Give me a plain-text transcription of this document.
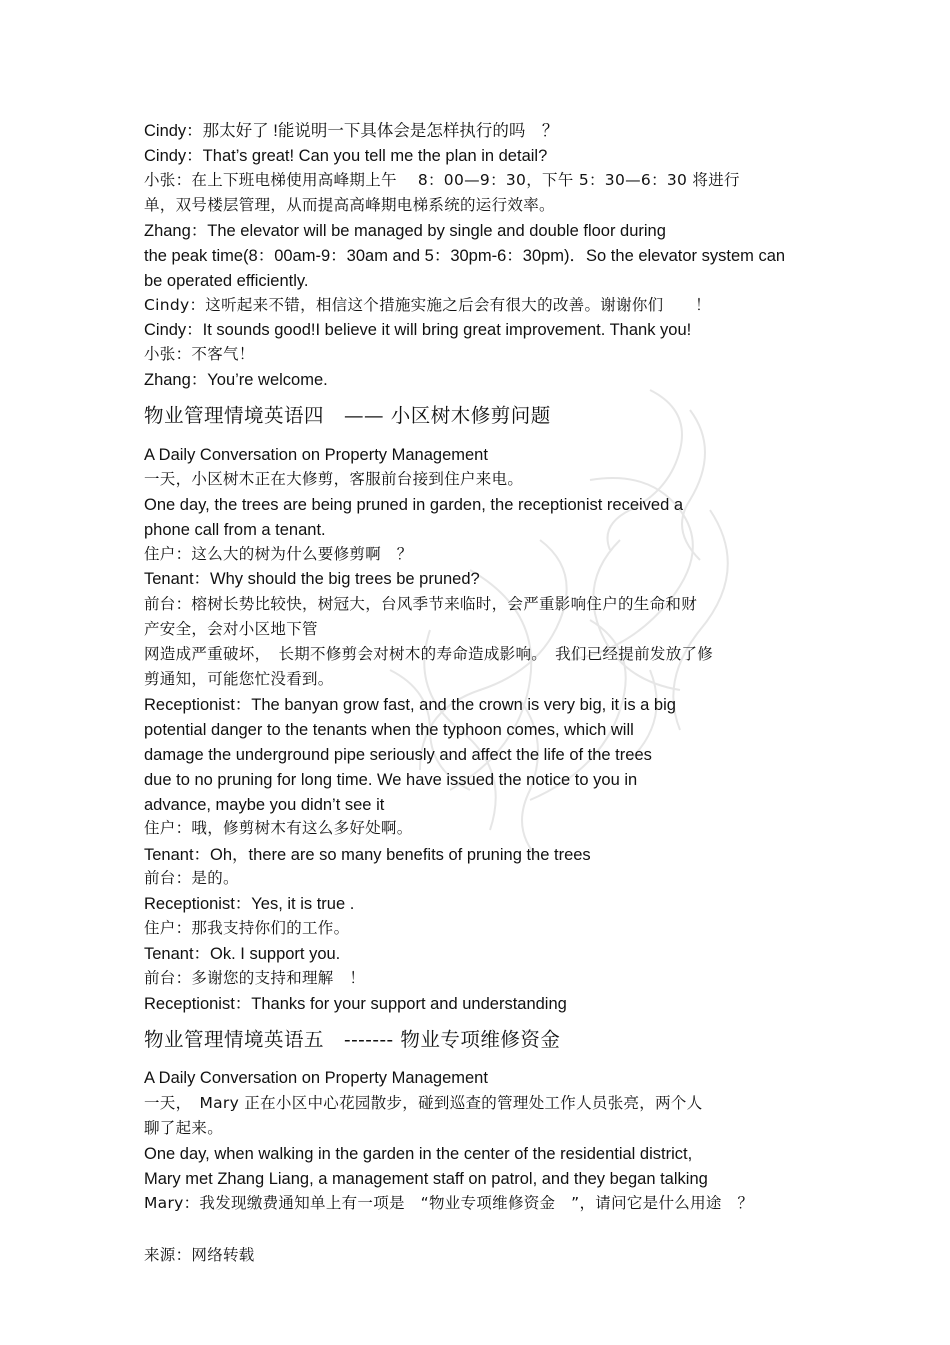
Cindy：那太好了 !能说明一下具体会是怎样执行的吗　？
Cindy：That’s great! Can you tell me the plan in detail?
小张：在上下班电梯使用高峰期上午　 8：00—9：30，下午 5：30—6：30 将进行
单，双号楼层管理，从而提高高峰期电梯系统的运行效率。
Zhang：The elevator will be managed by single and double floor during
the peak time(8：00am-9：30am and 5：30pm-6：30pm)．So the elevator system can
be operated efficiently.
Cindy：这听起来不错，相信这个措施实施之后会有很大的改善。谢谢你们　　！
Cindy：It sounds good!I believe it will bring great improvement. Thank you!
小张：不客气！
Zhang：You’re welcome.
物业管理情境英语四　—— 小区树木修剪问题
A Daily Conversation on Property Management
一天，小区树木正在大修剪，客服前台接到住户来电。
One day, the trees are being pruned in garden, the receptionist received a
phone call from a tenant.
住户：这么大的树为什么要修剪啊　？
Tenant：Why should the big trees be pruned?
前台：榕树长势比较快，树冠大，台风季节来临时，会严重影响住户的生命和财
产安全，会对小区地下管
网造成严重破坏，　长期不修剪会对树木的寿命造成影响。　我们已经提前发放了修
剪通知，可能您忙没看到。
Receptionist：The banyan grow fast, and the crown is very big, it is a big
potential danger to the tenants when the typhoon comes, which will
damage the underground pipe seriously and affect the life of the trees
due to no pruning for long time. We have issued the notice to you in
advance, maybe you didn’t see it
住户：哦，修剪树木有这么多好处啊。
Tenant：Oh，there are so many benefits of pruning the trees
前台：是的。
Receptionist：Yes, it is true .
住户：那我支持你们的工作。
Tenant：Ok. I support you.
前台：多谢您的支持和理解　！
Receptionist：Thanks for your support and understanding
物业管理情境英语五　------- 物业专项维修资金
A Daily Conversation on Property Management
一天，　Mary 正在小区中心花园散步，碰到巡查的管理处工作人员张亮，两个人
聊了起来。
One day, when walking in the garden in the center of the residential district,
Mary met Zhang Liang, a management staff on patrol, and they began talking
Mary：我发现缴费通知单上有一项是　“物业专项维修资金　”，请问它是什么用途　？
来源：网络转载
